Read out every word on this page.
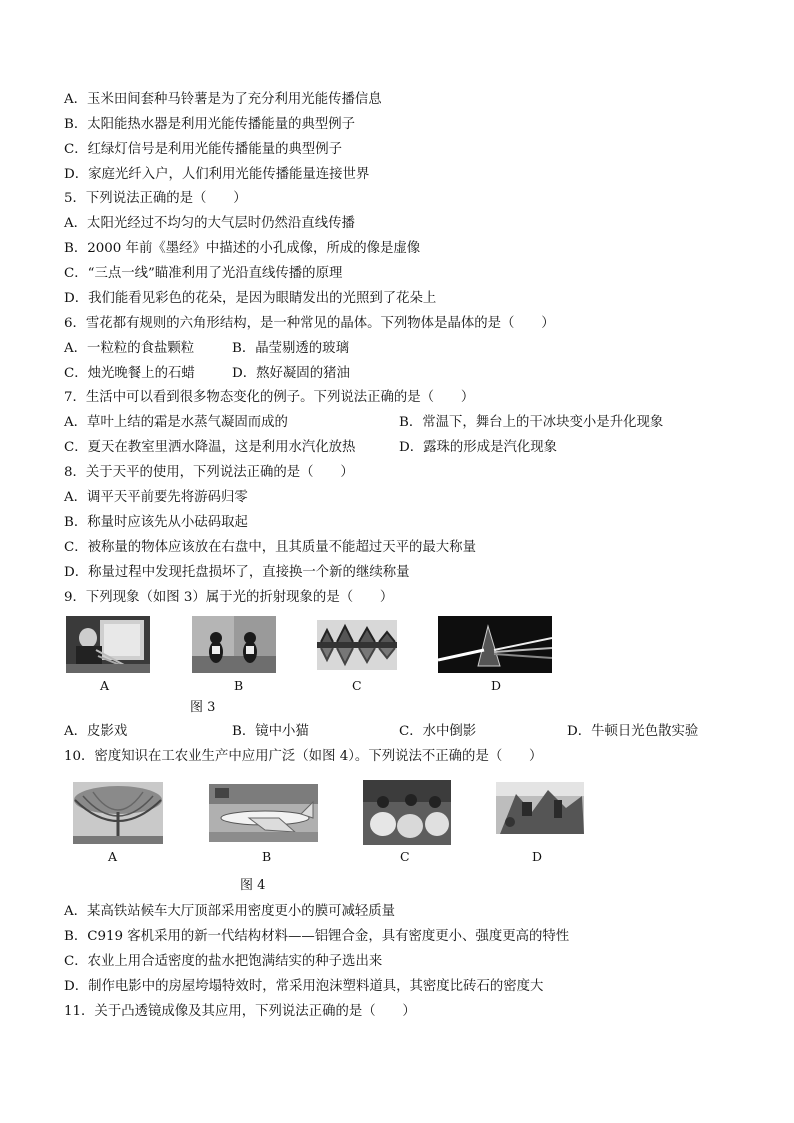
A．玉米田间套种马铃薯是为了充分利用光能传播信息
B．太阳能热水器是利用光能传播能量的典型例子
C．红绿灯信号是利用光能传播能量的典型例子
D．家庭光纤入户，人们利用光能传播能量连接世界
5．下列说法正确的是（　　）
A．太阳光经过不均匀的大气层时仍然沿直线传播
B．2000 年前《墨经》中描述的小孔成像，所成的像是虚像
C．“三点一线”瞄准利用了光沿直线传播的原理
D．我们能看见彩色的花朵，是因为眼睛发出的光照到了花朵上
6．雪花都有规则的六角形结构，是一种常见的晶体。下列物体是晶体的是（　　）
A．一粒粒的食盐颗粒	B．晶莹剔透的玻璃
C．烛光晚餐上的石蜡	D．熬好凝固的猪油
7．生活中可以看到很多物态变化的例子。下列说法正确的是（　　）
A．草叶上结的霜是水蒸气凝固而成的	B．常温下，舞台上的干冰块变小是升化现象
C．夏天在教室里洒水降温，这是利用水汽化放热	D．露珠的形成是汽化现象
8．关于天平的使用，下列说法正确的是（　　）
A．调平天平前要先将游码归零
B．称量时应该先从小砝码取起
C．被称量的物体应该放在右盘中，且其质量不能超过天平的最大称量
D．称量过程中发现托盘损坏了，直接换一个新的继续称量
9．下列现象（如图 3）属于光的折射现象的是（　　）
A	B	C	D
图 3
A．皮影戏	B．镜中小猫	C．水中倒影	D．牛顿日光色散实验
10．密度知识在工农业生产中应用广泛（如图 4）。下列说法不正确的是（　　）
A	B	C	D
图 4
A．某高铁站候车大厅顶部采用密度更小的膜可减轻质量
B．C919 客机采用的新一代结构材料——铝锂合金，具有密度更小、强度更高的特性
C．农业上用合适密度的盐水把饱满结实的种子选出来
D．制作电影中的房屋垮塌特效时，常采用泡沫塑料道具，其密度比砖石的密度大
11．关于凸透镜成像及其应用，下列说法正确的是（　　）
